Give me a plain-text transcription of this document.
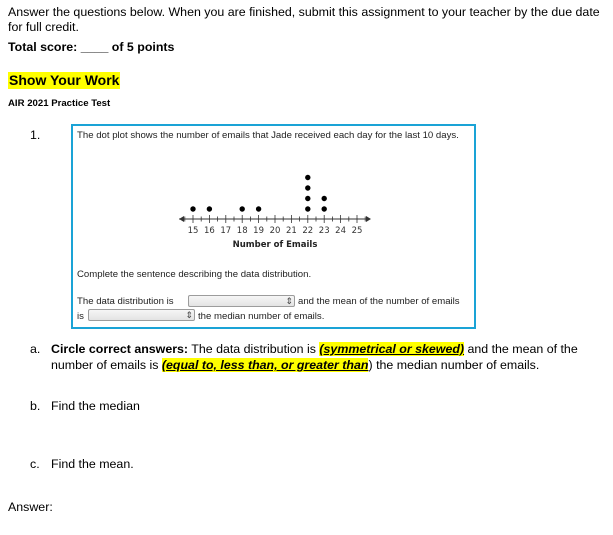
Answer the questions below. When you are finished, submit this assignment to your teacher by the due date for full credit.
Total score: ____ of 5 points
Show Your Work
AIR 2021 Practice Test
1.	The dot plot shows the number of emails that Jade received each day for the last 10 days.
15 16 17 18 19 20 21 22 23 24 25
Number of Emails
Complete the sentence describing the data distribution.
The data distribution is	⇕ and the mean of the number of emails
is	⇕ the median number of emails.
a. Circle correct answers: The data distribution is (symmetrical or skewed) and the mean of the number of emails is (equal to, less than, or greater than) the median number of emails.
b. Find the median
c. Find the mean.
Answer:
